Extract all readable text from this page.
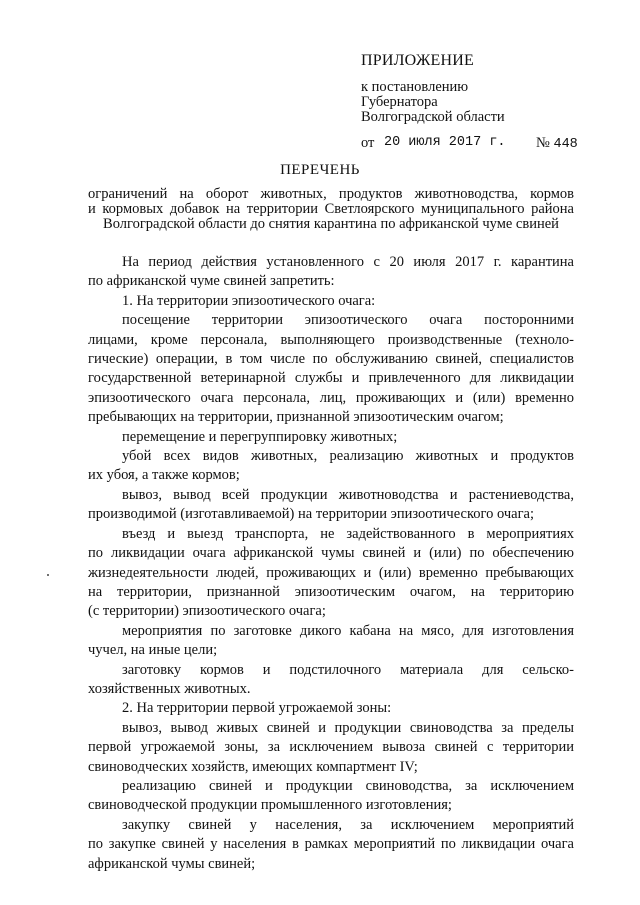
ПРИЛОЖЕНИЕ
к постановлению
Губернатора
Волгоградской области
от 20 июля 2017 г. № 448
ПЕРЕЧЕНЬ
ограничений на оборот животных, продуктов животноводства, кормов
и кормовых добавок на территории Светлоярского муниципального района
Волгоградской области до снятия карантина по африканской чуме свиней
На период действия установленного с 20 июля 2017 г. карантина
по африканской чуме свиней запретить:
1. На территории эпизоотического очага:
посещение территории эпизоотического очага посторонними
лицами, кроме персонала, выполняющего производственные (техноло-
гические) операции, в том числе по обслуживанию свиней, специалистов
государственной ветеринарной службы и привлеченного для ликвидации
эпизоотического очага персонала, лиц, проживающих и (или) временно
пребывающих на территории, признанной эпизоотическим очагом;
перемещение и перегруппировку животных;
убой всех видов животных, реализацию животных и продуктов
их убоя, а также кормов;
вывоз, вывод всей продукции животноводства и растениеводства,
производимой (изготавливаемой) на территории эпизоотического очага;
въезд и выезд транспорта, не задействованного в мероприятиях
по ликвидации очага африканской чумы свиней и (или) по обеспечению
жизнедеятельности людей, проживающих и (или) временно пребывающих
на территории, признанной эпизоотическим очагом, на территорию
(с территории) эпизоотического очага;
мероприятия по заготовке дикого кабана на мясо, для изготовления
чучел, на иные цели;
заготовку кормов и подстилочного материала для сельско-
хозяйственных животных.
2. На территории первой угрожаемой зоны:
вывоз, вывод живых свиней и продукции свиноводства за пределы
первой угрожаемой зоны, за исключением вывоза свиней с территории
свиноводческих хозяйств, имеющих компартмент IV;
реализацию свиней и продукции свиноводства, за исключением
свиноводческой продукции промышленного изготовления;
закупку свиней у населения, за исключением мероприятий
по закупке свиней у населения в рамках мероприятий по ликвидации очага
африканской чумы свиней;
